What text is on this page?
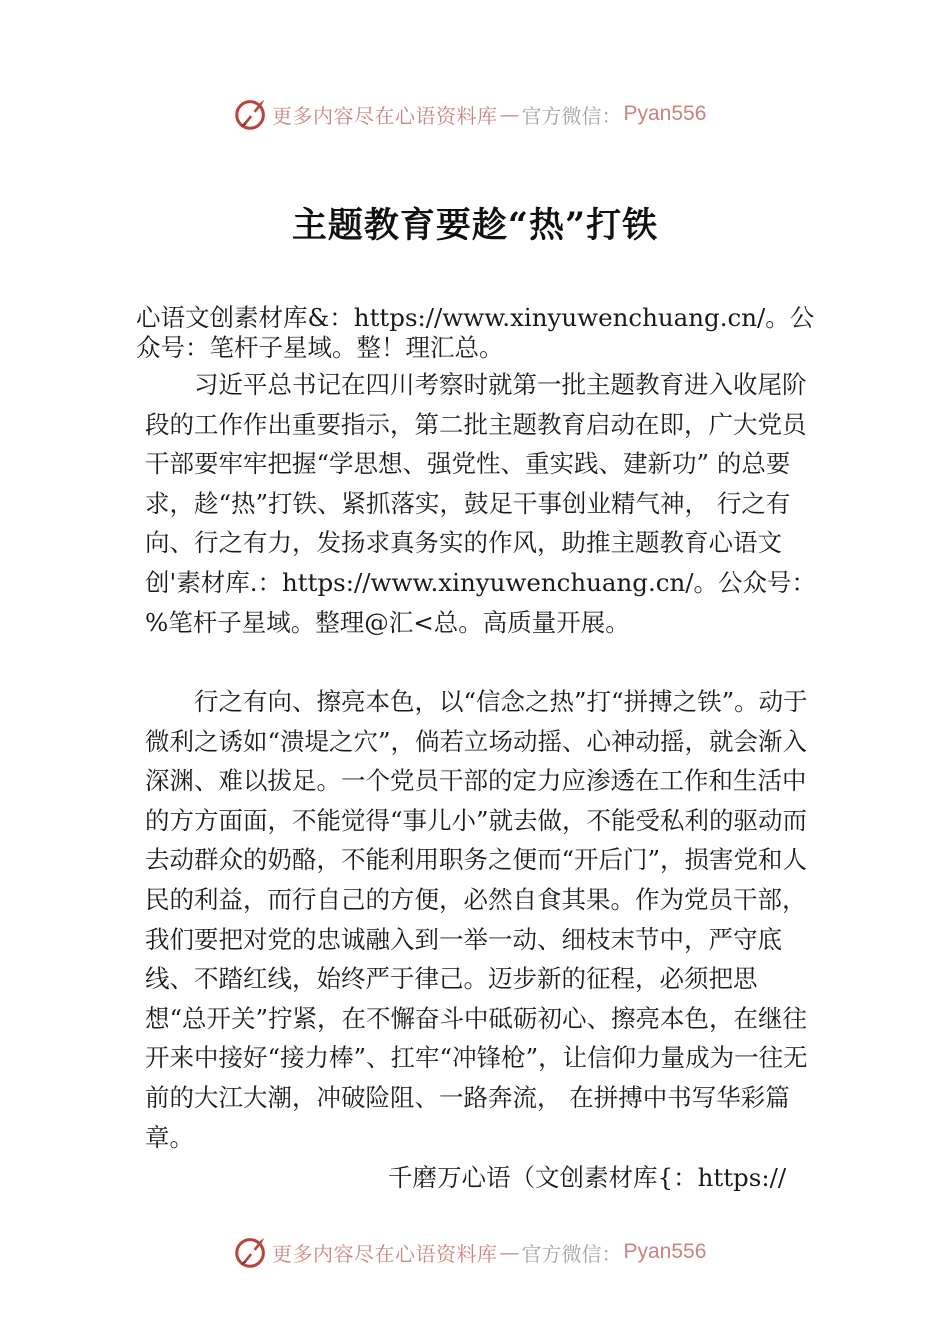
更多内容尽在心语资料库 — 官方微信： Pyan556
主题教育要趁“热”打铁
心语文创素材库&：https://www.xinyuwenchuang.cn/。公众号：笔杆子星域。整！理汇总。
习近平总书记在四川考察时就第一批主题教育进入收尾阶段的工作作出重要指示，第二批主题教育启动在即，广大党员干部要牢牢把握“学思想、强党性、重实践、建新功” 的总要求，趁“热”打铁、紧抓落实，鼓足干事创业精气神， 行之有向、行之有力，发扬求真务实的作风，助推主题教育心语文创'素材库.：https://www.xinyuwenchuang.cn/。公众号：%笔杆子星域。整理@汇<总。高质量开展。
行之有向、擦亮本色，以“信念之热”打“拼搏之铁”。动于微利之诱如“溃堤之穴”，倘若立场动摇、心神动摇，就会渐入深渊、难以拔足。一个党员干部的定力应渗透在工作和生活中的方方面面，不能觉得“事儿小”就去做，不能受私利的驱动而去动群众的奶酪，不能利用职务之便而“开后门”，损害党和人民的利益，而行自己的方便，必然自食其果。作为党员干部，我们要把对党的忠诚融入到一举一动、细枝末节中，严守底线、不踏红线，始终严于律己。迈步新的征程，必须把思想“总开关”拧紧，在不懈奋斗中砥砺初心、擦亮本色，在继往开来中接好“接力棒”、扛牢“冲锋枪”，让信仰力量成为一往无前的大江大潮，冲破险阻、一路奔流， 在拼搏中书写华彩篇章。
千磨万心语（文创素材库{：https://
更多内容尽在心语资料库 — 官方微信： Pyan556
